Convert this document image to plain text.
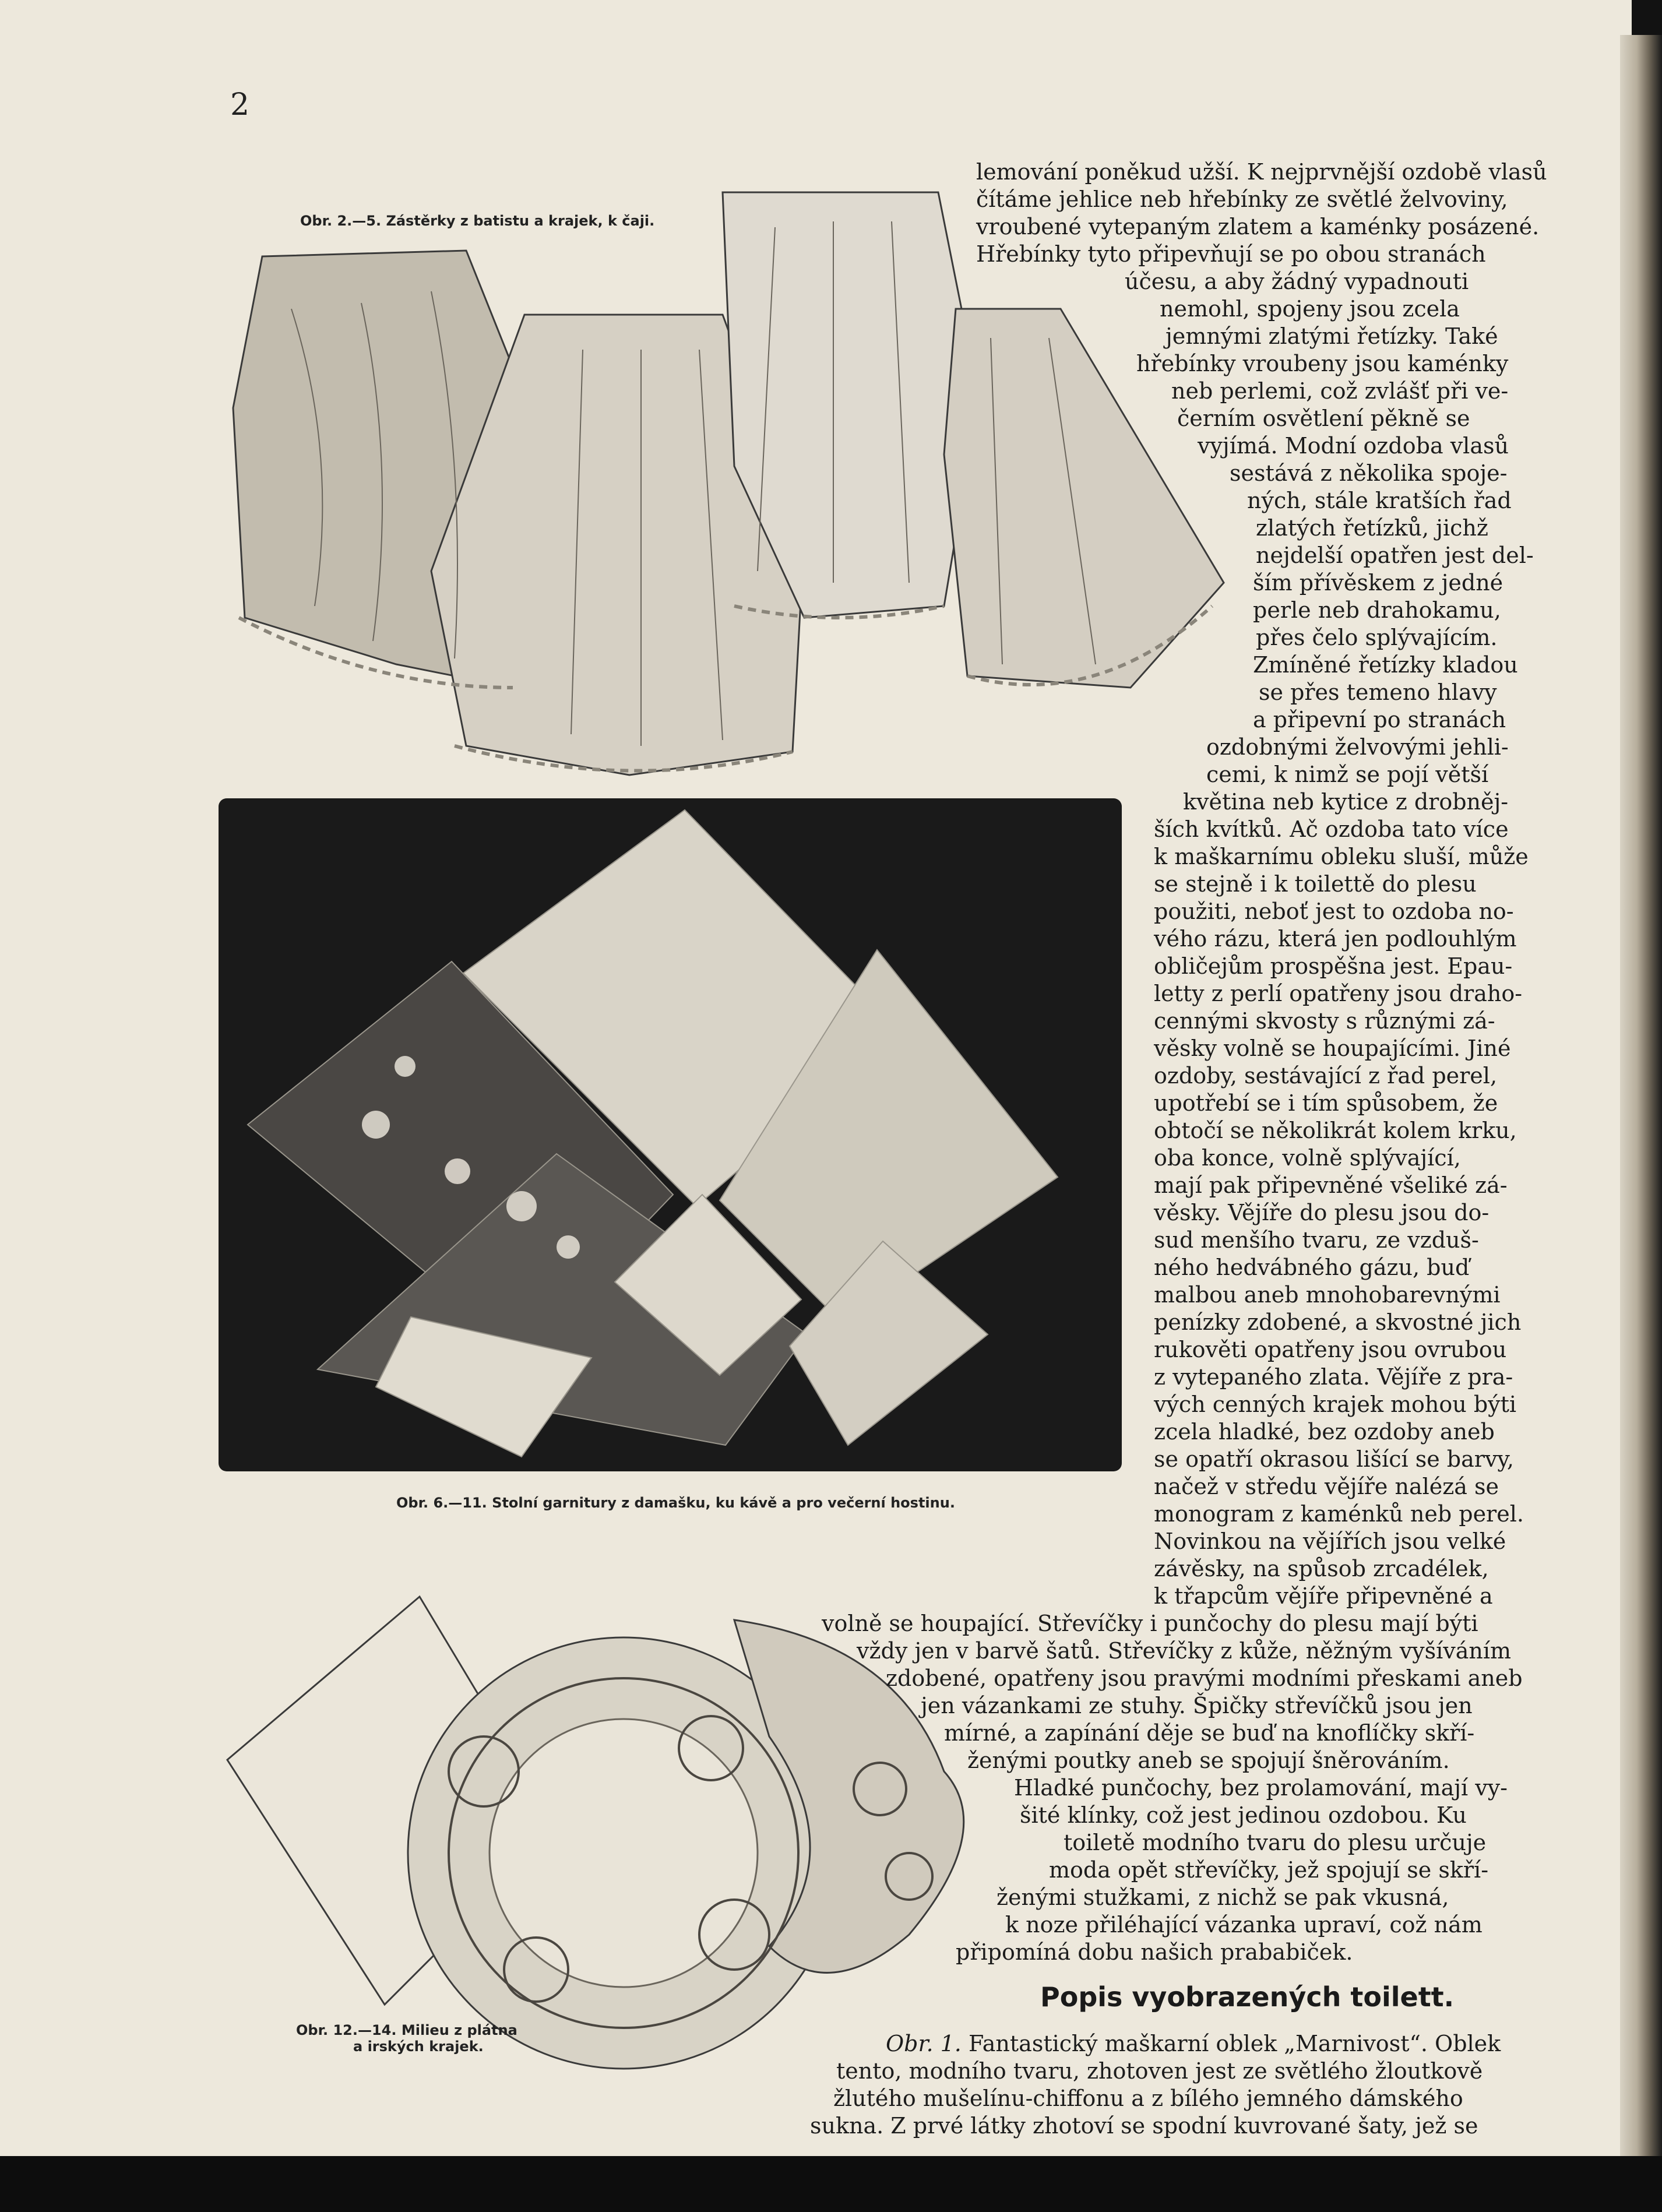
2
Obr. 2.—5. Zástěrky z batistu a krajek, k čaji.
Obr. 6.—11. Stolní garnitury z damašku, ku kávě a pro večerní hostinu.
Obr. 12.—14. Milieu z plátna
a irských krajek.
lemování poněkud užší. K nejprvnější ozdobě vlasů
čítáme jehlice neb hřebínky ze světlé želvoviny,
vroubené vytepaným zlatem a kaménky posázené.
Hřebínky tyto připevňují se po obou stranách
účesu, a aby žádný vypadnouti
nemohl, spojeny jsou zcela
jemnými zlatými řetízky. Také
hřebínky vroubeny jsou kaménky
neb perlemi, což zvlášť při ve-
černím osvětlení pěkně se
vyjímá. Modní ozdoba vlasů
sestává z několika spoje-
ných, stále kratších řad
zlatých řetízků, jichž
nejdelší opatřen jest del-
ším přívěskem z jedné
perle neb drahokamu,
přes čelo splývajícím.
Zmíněné řetízky kladou
se přes temeno hlavy
a připevní po stranách
ozdobnými želvovými jehli-
cemi, k nimž se pojí větší
květina neb kytice z drobněj-
ších kvítků. Ač ozdoba tato více
k maškarnímu obleku sluší, může
se stejně i k toilettě do plesu
použiti, neboť jest to ozdoba no-
vého rázu, která jen podlouhlým
obličejům prospěšna jest. Epau-
letty z perlí opatřeny jsou draho-
cennými skvosty s různými zá-
věsky volně se houpajícími. Jiné
ozdoby, sestávající z řad perel,
upotřebí se i tím spůsobem, že
obtočí se několikrát kolem krku,
oba konce, volně splývající,
mají pak připevněné všeliké zá-
věsky. Vějíře do plesu jsou do-
sud menšího tvaru, ze vzduš-
ného hedvábného gázu, buď
malbou aneb mnohobarevnými
penízky zdobené, a skvostné jich
rukověti opatřeny jsou ovrubou
z vytepaného zlata. Vějíře z pra-
vých cenných krajek mohou býti
zcela hladké, bez ozdoby aneb
se opatří okrasou lišící se barvy,
načež v středu vějíře nalézá se
monogram z kaménků neb perel.
Novinkou na vějířích jsou velké
závěsky, na spůsob zrcadélek,
k třapcům vějíře připevněné a
volně se houpající. Střevíčky i punčochy do plesu mají býti
vždy jen v barvě šatů. Střevíčky z kůže, něžným vyšíváním
zdobené, opatřeny jsou pravými modními přeskami aneb
jen vázankami ze stuhy. Špičky střevíčků jsou jen
mírné, a zapínání děje se buď na knoflíčky skří-
ženými poutky aneb se spojují šněrováním.
Hladké punčochy, bez prolamování, mají vy-
šité klínky, což jest jedinou ozdobou. Ku
toiletě modního tvaru do plesu určuje
moda opět střevíčky, jež spojují se skří-
ženými stužkami, z nichž se pak vkusná,
k noze přiléhající vázanka upraví, což nám
připomíná dobu našich prababiček.
Popis vyobrazených toilett.
Obr. 1. Fantastický maškarní oblek „Marnivost“. Oblek
tento, modního tvaru, zhotoven jest ze světlého žloutkově
žlutého mušelínu-chiffonu a z bílého jemného dámského
sukna. Z prvé látky zhotoví se spodní kuvrované šaty, jež se
